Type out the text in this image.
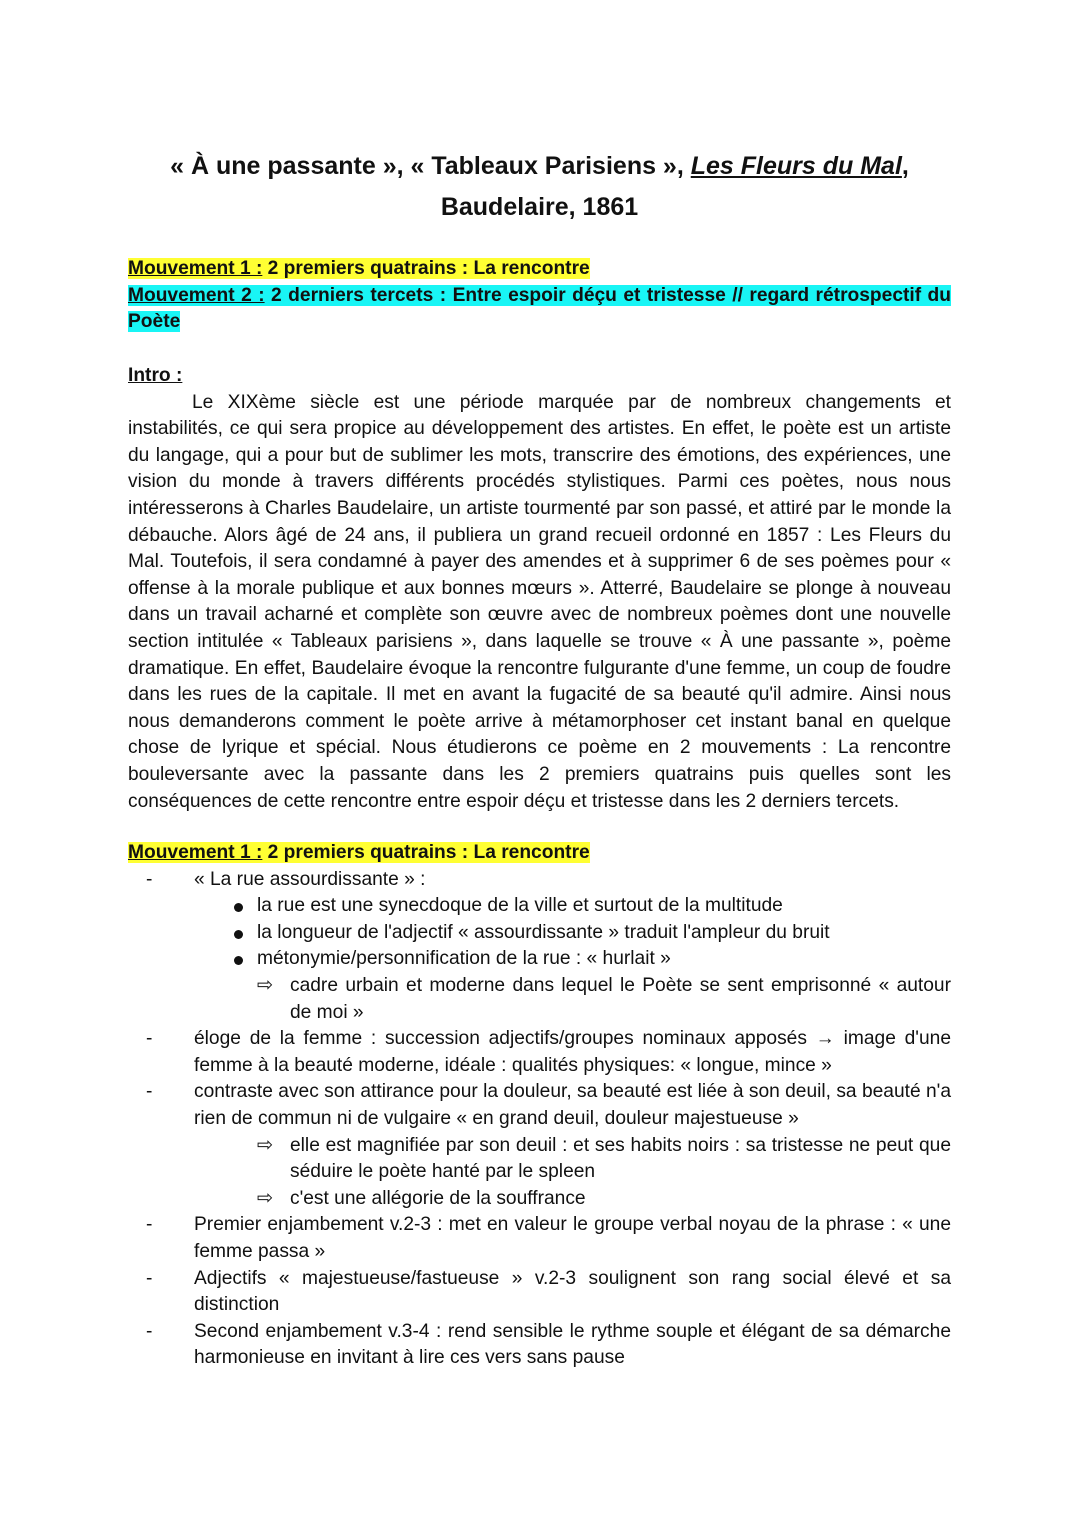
« À une passante », « Tableaux Parisiens », Les Fleurs du Mal,
Baudelaire, 1861
Mouvement 1 : 2 premiers quatrains : La rencontre
Mouvement 2 : 2 derniers tercets : Entre espoir déçu et tristesse // regard rétrospectif du Poète
Intro :

Le XIXème siècle est une période marquée par de nombreux changements et instabilités, ce qui sera propice au développement des artistes. En effet, le poète est un artiste du langage, qui a pour but de sublimer les mots, transcrire des émotions, des expériences, une vision du monde à travers différents procédés stylistiques. Parmi ces poètes, nous nous intéresserons à Charles Baudelaire, un artiste tourmenté par son passé, et attiré par le monde la débauche. Alors âgé de 24 ans, il publiera un grand recueil ordonné en 1857 : Les Fleurs du Mal. Toutefois, il sera condamné à payer des amendes et à supprimer 6 de ses poèmes pour « offense à la morale publique et aux bonnes mœurs ». Atterré, Baudelaire se plonge à nouveau dans un travail acharné et complète son œuvre avec de nombreux poèmes dont une nouvelle section intitulée « Tableaux parisiens », dans laquelle se trouve « À une passante », poème dramatique. En effet, Baudelaire évoque la rencontre fulgurante d'une femme, un coup de foudre dans les rues de la capitale. Il met en avant la fugacité de sa beauté qu'il admire. Ainsi nous nous demanderons comment le poète arrive à métamorphoser cet instant banal en quelque chose de lyrique et spécial. Nous étudierons ce poème en 2 mouvements : La rencontre bouleversante avec la passante dans les 2 premiers quatrains puis quelles sont les conséquences de cette rencontre entre espoir déçu et tristesse dans les 2 derniers tercets.

Mouvement 1 : 2 premiers quatrains : La rencontre
- « La rue assourdissante » :
la rue est une synecdoque de la ville et surtout de la multitude
la longueur de l'adjectif « assourdissante » traduit l'ampleur du bruit
métonymie/personnification de la rue : « hurlait »
⇨ cadre urbain et moderne dans lequel le Poète se sent emprisonné « autour de moi »
- éloge de la femme : succession adjectifs/groupes nominaux apposés → image d'une femme à la beauté moderne, idéale : qualités physiques: « longue, mince »
- contraste avec son attirance pour la douleur, sa beauté est liée à son deuil, sa beauté n'a rien de commun ni de vulgaire « en grand deuil, douleur majestueuse »
⇨ elle est magnifiée par son deuil : et ses habits noirs : sa tristesse ne peut que séduire le poète hanté par le spleen
⇨ c'est une allégorie de la souffrance
- Premier enjambement v.2-3 : met en valeur le groupe verbal noyau de la phrase : « une femme passa »
- Adjectifs « majestueuse/fastueuse » v.2-3 soulignent son rang social élevé et sa distinction
- Second enjambement v.3-4 : rend sensible le rythme souple et élégant de sa démarche harmonieuse en invitant à lire ces vers sans pause
